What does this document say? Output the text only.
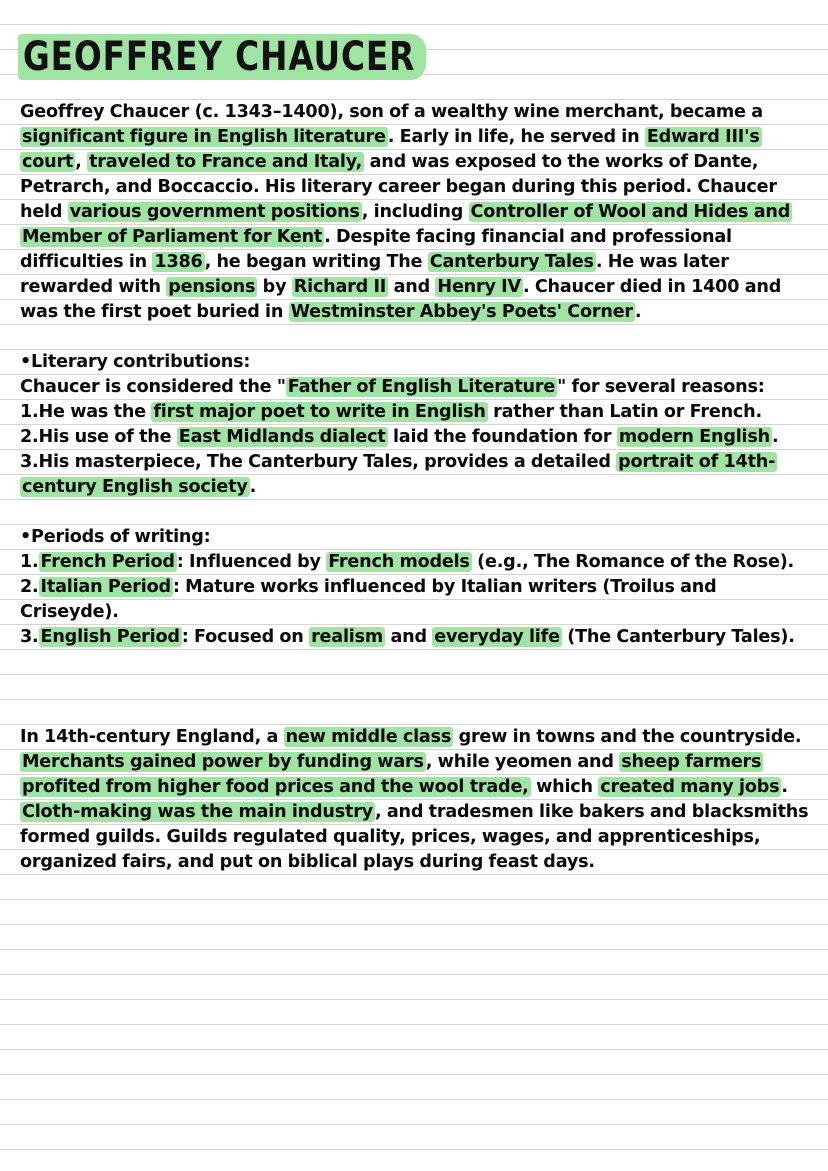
GEOFFREY CHAUCER

Geoffrey Chaucer (c. 1343–1400), son of a wealthy wine merchant, became a significant figure in English literature . Early in life, he served in Edward III's court , traveled to France and Italy, and was exposed to the works of Dante, Petrarch, and Boccaccio. His literary career began during this period. Chaucer held various government positions , including Controller of Wool and Hides and Member of Parliament for Kent . Despite facing financial and professional difficulties in 1386 , he began writing The Canterbury Tales . He was later rewarded with pensions by Richard II and Henry IV . Chaucer died in 1400 and was the first poet buried in Westminster Abbey's Poets' Corner .

•Literary contributions:

Chaucer is considered the " Father of English Literature " for several reasons:

1.He was the first major poet to write in English rather than Latin or French.

2.His use of the East Midlands dialect laid the foundation for modern English .

3.His masterpiece, The Canterbury Tales, provides a detailed portrait of 14th-century English society .

•Periods of writing:

1. French Period : Influenced by French models (e.g., The Romance of the Rose).

2. Italian Period : Mature works influenced by Italian writers (Troilus and Criseyde).

3. English Period : Focused on realism and everyday life (The Canterbury Tales).

In 14th-century England, a new middle class grew in towns and the countryside. Merchants gained power by funding wars , while yeomen and sheep farmers profited from higher food prices and the wool trade, which created many jobs . Cloth-making was the main industry , and tradesmen like bakers and blacksmiths formed guilds. Guilds regulated quality, prices, wages, and apprenticeships, organized fairs, and put on biblical plays during feast days.
